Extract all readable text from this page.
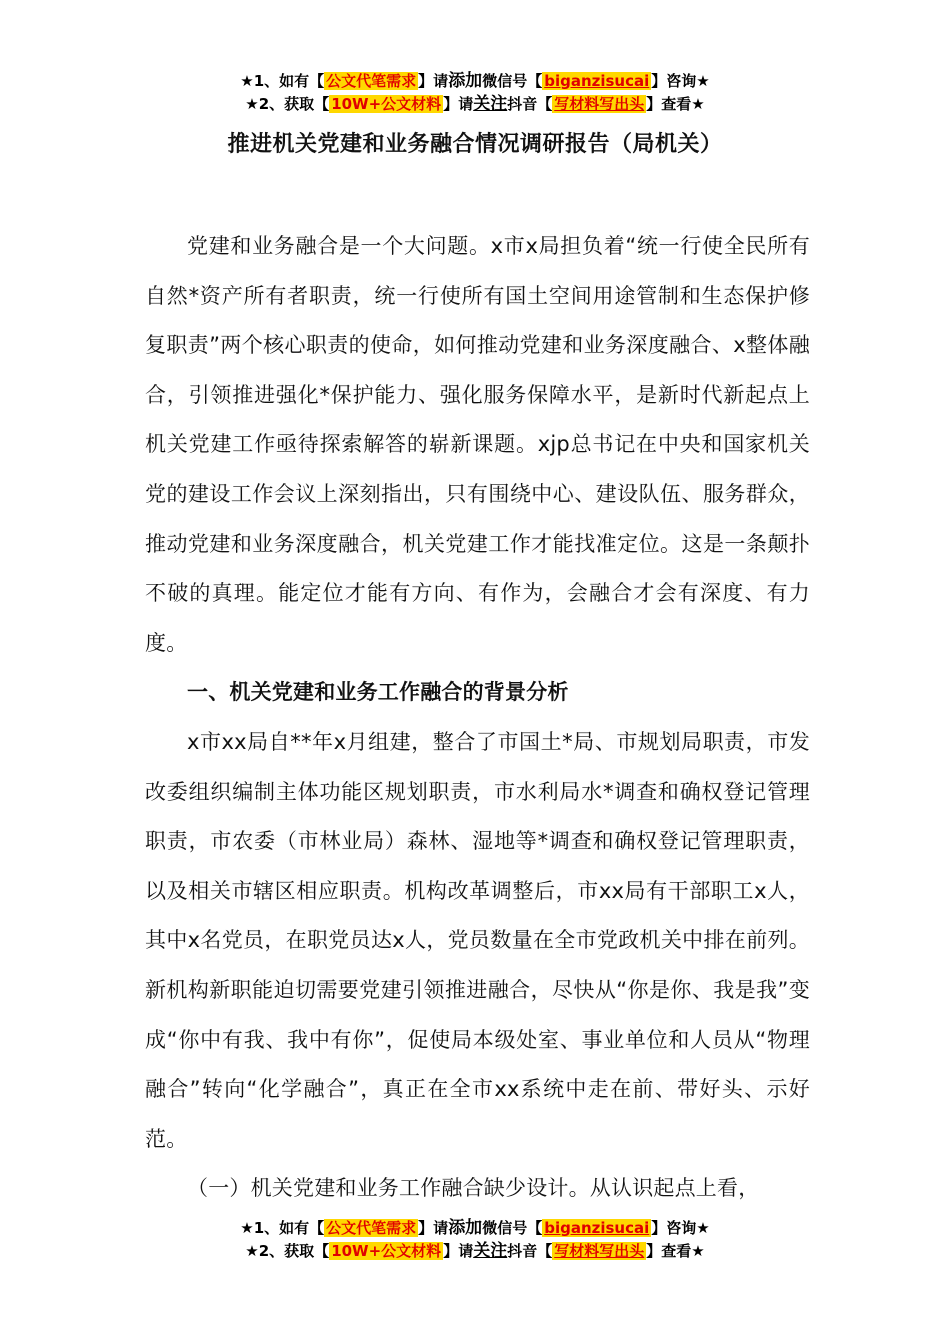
★1、如有【 公文代笔需求 】请添加微信号【 biganzisucai 】咨询★
★2、获取【 10W+公文材料 】请关注抖音【 写材料写出头 】查看★
推进机关党建和业务融合情况调研报告（局机关）

党建和业务融合是一个大问题。x市x局担负着“统一行使全民所有自然*资产所有者职责，统一行使所有国土空间用途管制和生态保护修复职责”两个核心职责的使命，如何推动党建和业务深度融合、x整体融合，引领推进强化*保护能力、强化服务保障水平，是新时代新起点上机关党建工作亟待探索解答的崭新课题。xjp总书记在中央和国家机关党的建设工作会议上深刻指出，只有围绕中心、建设队伍、服务群众，推动党建和业务深度融合，机关党建工作才能找准定位。这是一条颠扑不破的真理。能定位才能有方向、有作为，会融合才会有深度、有力度。

一、机关党建和业务工作融合的背景分析

x市xx局自**年x月组建，整合了市国土*局、市规划局职责，市发改委组织编制主体功能区规划职责，市水利局水*调查和确权登记管理职责，市农委（市林业局）森林、湿地等*调查和确权登记管理职责，以及相关市辖区相应职责。机构改革调整后，市xx局有干部职工x人，其中x名党员，在职党员达x人，党员数量在全市党政机关中排在前列。新机构新职能迫切需要党建引领推进融合，尽快从“你是你、我是我”变成“你中有我、我中有你”，促使局本级处室、事业单位和人员从“物理融合”转向“化学融合”，真正在全市xx系统中走在前、带好头、示好范。

（一）机关党建和业务工作融合缺少设计。从认识起点上看，

★1、如有【 公文代笔需求 】请添加微信号【 biganzisucai 】咨询★
★2、获取【 10W+公文材料 】请关注抖音【 写材料写出头 】查看★
